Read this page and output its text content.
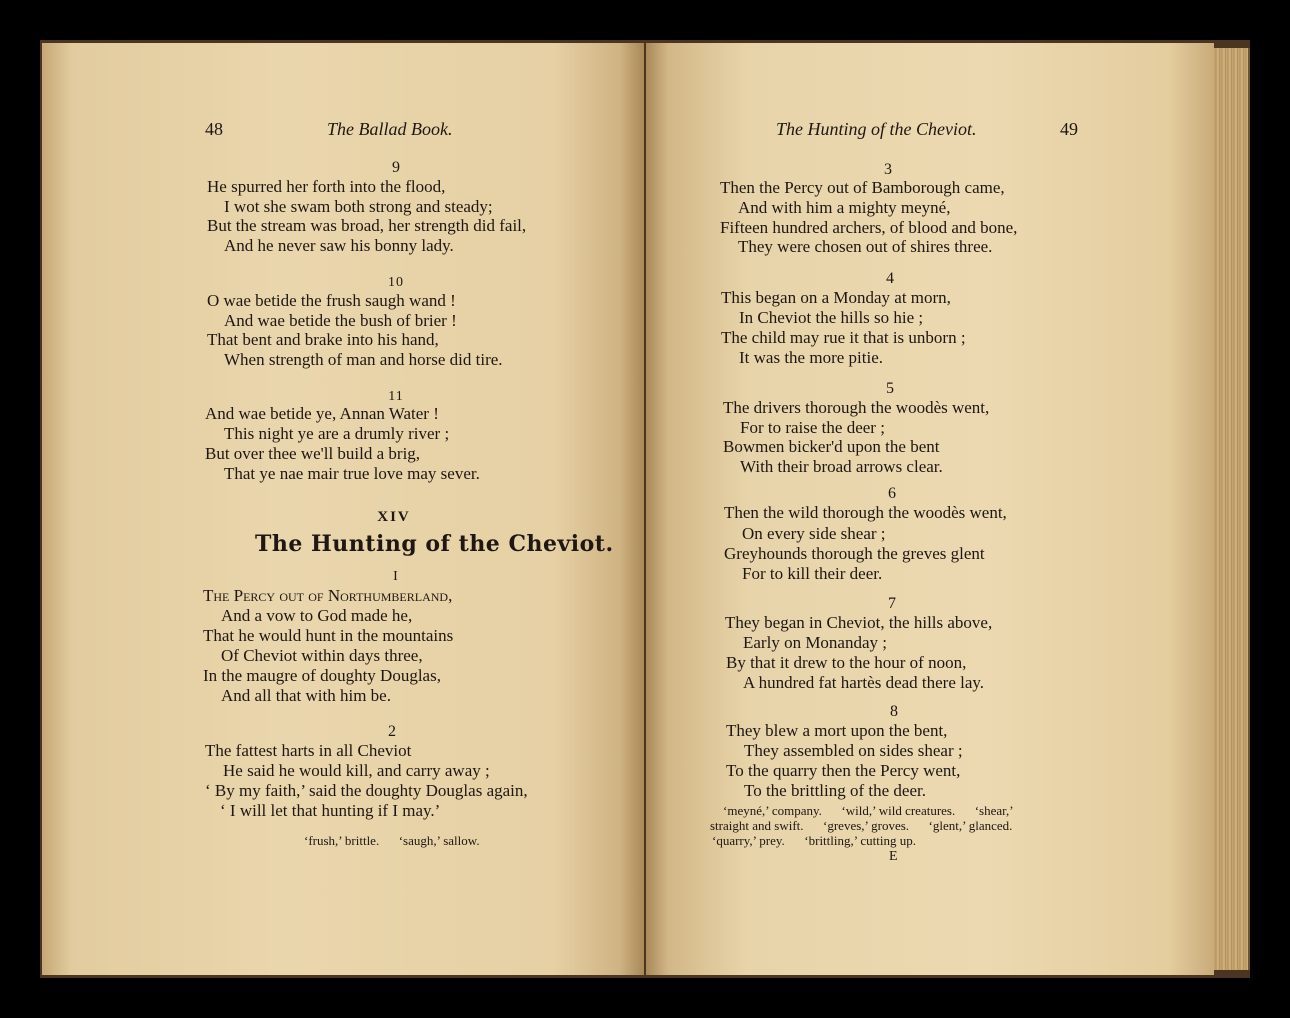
48	The Ballad Book.
9
He spurred her forth into the flood,
I wot she swam both strong and steady;
But the stream was broad, her strength did fail,
And he never saw his bonny lady.
10
O wae betide the frush saugh wand !
And wae betide the bush of brier !
That bent and brake into his hand,
When strength of man and horse did tire.
11
And wae betide ye, Annan Water !
This night ye are a drumly river ;
But over thee we'll build a brig,
That ye nae mair true love may sever.
XIV
The Hunting of the Cheviot.
I
The Percy out of Northumberland,
And a vow to God made he,
That he would hunt in the mountains
Of Cheviot within days three,
In the maugre of doughty Douglas,
And all that with him be.
2
The fattest harts in all Cheviot
He said he would kill, and carry away ;
‘ By my faith,’ said the doughty Douglas again,
‘ I will let that hunting if I may.’
‘frush,’ brittle.      ‘saugh,’ sallow.
The Hunting of the Cheviot.	49
3
Then the Percy out of Bamborough came,
And with him a mighty meyné,
Fifteen hundred archers, of blood and bone,
They were chosen out of shires three.
4
This began on a Monday at morn,
In Cheviot the hills so hie ;
The child may rue it that is unborn ;
It was the more pitie.
5
The drivers thorough the woodès went,
For to raise the deer ;
Bowmen bicker'd upon the bent
With their broad arrows clear.
6
Then the wild thorough the woodès went,
On every side shear ;
Greyhounds thorough the greves glent
For to kill their deer.
7
They began in Cheviot, the hills above,
Early on Monanday ;
By that it drew to the hour of noon,
A hundred fat hartès dead there lay.
8
They blew a mort upon the bent,
They assembled on sides shear ;
To the quarry then the Percy went,
To the brittling of the deer.
‘meyné,’ company.      ‘wild,’ wild creatures.      ‘shear,’
straight and swift.      ‘greves,’ groves.      ‘glent,’ glanced.
‘quarry,’ prey.      ‘brittling,’ cutting up.
E
